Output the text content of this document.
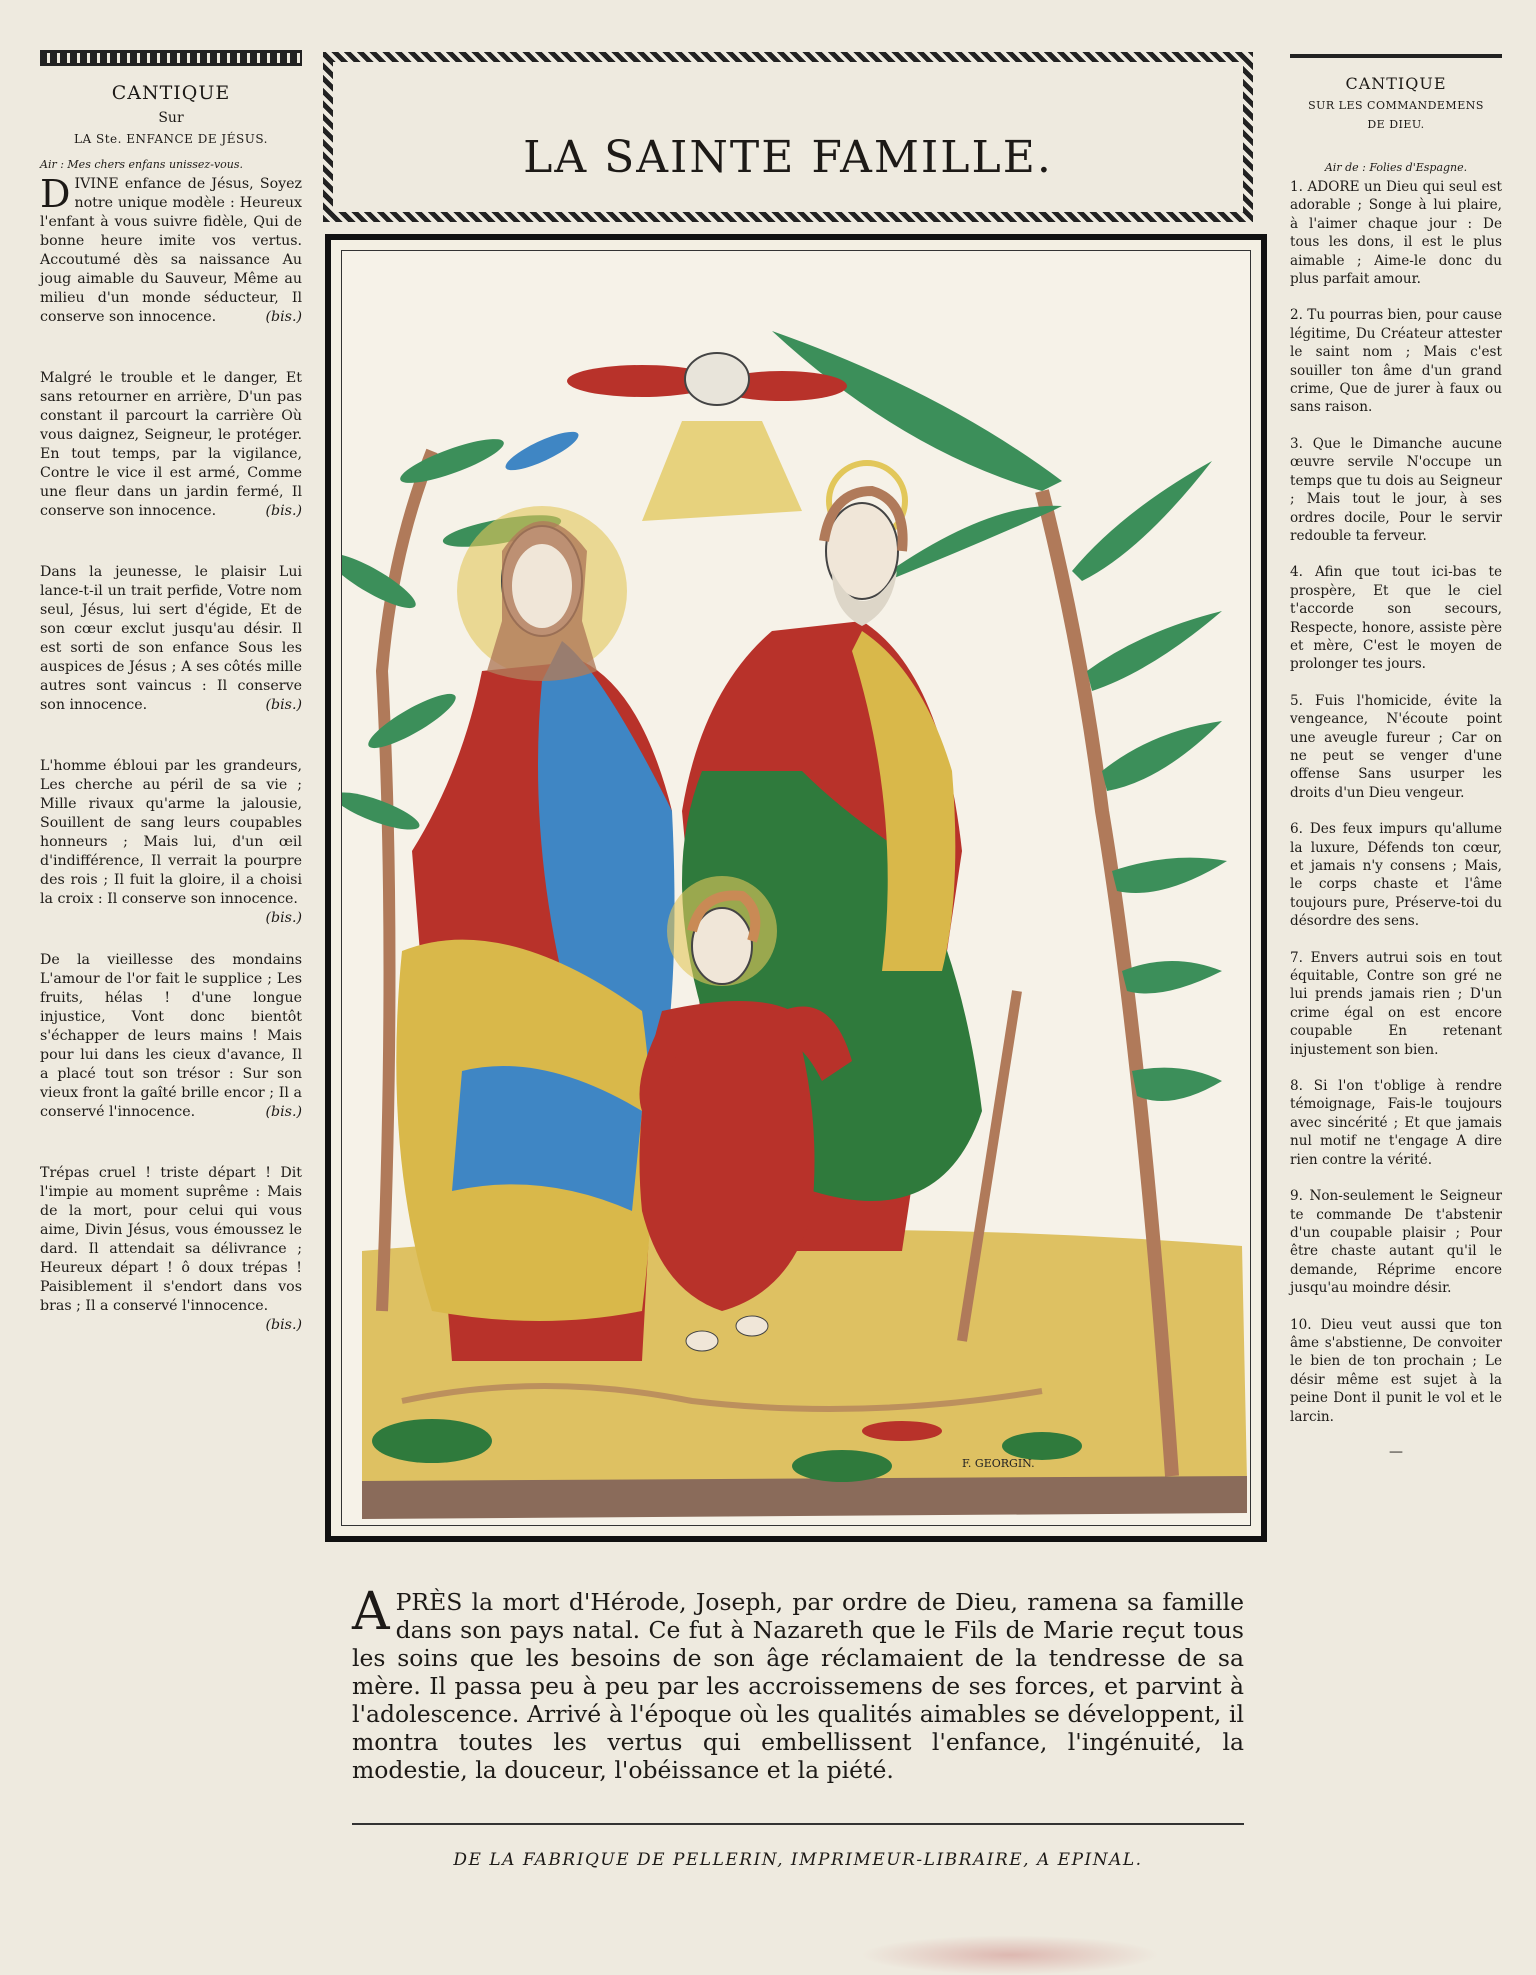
CANTIQUE
Sur
LA Ste. ENFANCE DE JÉSUS.
Air : Mes chers enfans unissez-vous.

DIVINE enfance de Jésus, Soyez notre unique modèle : Heureux l'enfant à vous suivre fidèle, Qui de bonne heure imite vos vertus. Accoutumé dès sa naissance Au joug aimable du Sauveur, Même au milieu d'un monde séducteur, Il conserve son innocence.	(bis.)

Malgré le trouble et le danger, Et sans retourner en arrière, D'un pas constant il parcourt la carrière Où vous daignez, Seigneur, le protéger. En tout temps, par la vigilance, Contre le vice il est armé, Comme une fleur dans un jardin fermé, Il conserve son innocence.	(bis.)

Dans la jeunesse, le plaisir Lui lance-t-il un trait perfide, Votre nom seul, Jésus, lui sert d'égide, Et de son cœur exclut jusqu'au désir. Il est sorti de son enfance Sous les auspices de Jésus ; A ses côtés mille autres sont vaincus : Il conserve son innocence.	(bis.)

L'homme ébloui par les grandeurs, Les cherche au péril de sa vie ; Mille rivaux qu'arme la jalousie, Souillent de sang leurs coupables honneurs ; Mais lui, d'un œil d'indifférence, Il verrait la pourpre des rois ; Il fuit la gloire, il a choisi la croix : Il conserve son innocence.
(bis.)

De la vieillesse des mondains L'amour de l'or fait le supplice ; Les fruits, hélas ! d'une longue injustice, Vont donc bientôt s'échapper de leurs mains ! Mais pour lui dans les cieux d'avance, Il a placé tout son trésor : Sur son vieux front la gaîté brille encor ; Il a conservé l'innocence.	(bis.)

Trépas cruel ! triste départ ! Dit l'impie au moment suprême : Mais de la mort, pour celui qui vous aime, Divin Jésus, vous émoussez le dard. Il attendait sa délivrance ; Heureux départ ! ô doux trépas ! Paisiblement il s'endort dans vos bras ; Il a conservé l'innocence.
(bis.)

LA SAINTE FAMILLE.
CANTIQUE
SUR LES COMMANDEMENS
DE DIEU.
Air de : Folies d'Espagne.

1. ADORE un Dieu qui seul est adorable ; Songe à lui plaire, à l'aimer chaque jour : De tous les dons, il est le plus aimable ; Aime-le donc du plus parfait amour.

2. Tu pourras bien, pour cause légitime, Du Créateur attester le saint nom ; Mais c'est souiller ton âme d'un grand crime, Que de jurer à faux ou sans raison.

3. Que le Dimanche aucune œuvre servile N'occupe un temps que tu dois au Seigneur ; Mais tout le jour, à ses ordres docile, Pour le servir redouble ta ferveur.

4. Afin que tout ici-bas te prospère, Et que le ciel t'accorde son secours, Respecte, honore, assiste père et mère, C'est le moyen de prolonger tes jours.

5. Fuis l'homicide, évite la vengeance, N'écoute point une aveugle fureur ; Car on ne peut se venger d'une offense Sans usurper les droits d'un Dieu vengeur.

6. Des feux impurs qu'allume la luxure, Défends ton cœur, et jamais n'y consens ; Mais, le corps chaste et l'âme toujours pure, Préserve-toi du désordre des sens.

7. Envers autrui sois en tout équitable, Contre son gré ne lui prends jamais rien ; D'un crime égal on est encore coupable En retenant injustement son bien.

8. Si l'on t'oblige à rendre témoignage, Fais-le toujours avec sincérité ; Et que jamais nul motif ne t'engage A dire rien contre la vérité.

9. Non-seulement le Seigneur te commande De t'abstenir d'un coupable plaisir ; Pour être chaste autant qu'il le demande, Réprime encore jusqu'au moindre désir.

10. Dieu veut aussi que ton âme s'abstienne, De convoiter le bien de ton prochain ; Le désir même est sujet à la peine Dont il punit le vol et le larcin.

—
F. GEORGIN.
APRÈS la mort d'Hérode, Joseph, par ordre de Dieu, ramena sa famille dans son pays natal. Ce fut à Nazareth que le Fils de Marie reçut tous les soins que les besoins de son âge réclamaient de la tendresse de sa mère. Il passa peu à peu par les accroissemens de ses forces, et parvint à l'adolescence. Arrivé à l'époque où les qualités aimables se développent, il montra toutes les vertus qui embellissent l'enfance, l'ingénuité, la modestie, la douceur, l'obéissance et la piété.
DE LA FABRIQUE DE PELLERIN, IMPRIMEUR-LIBRAIRE, A EPINAL.
